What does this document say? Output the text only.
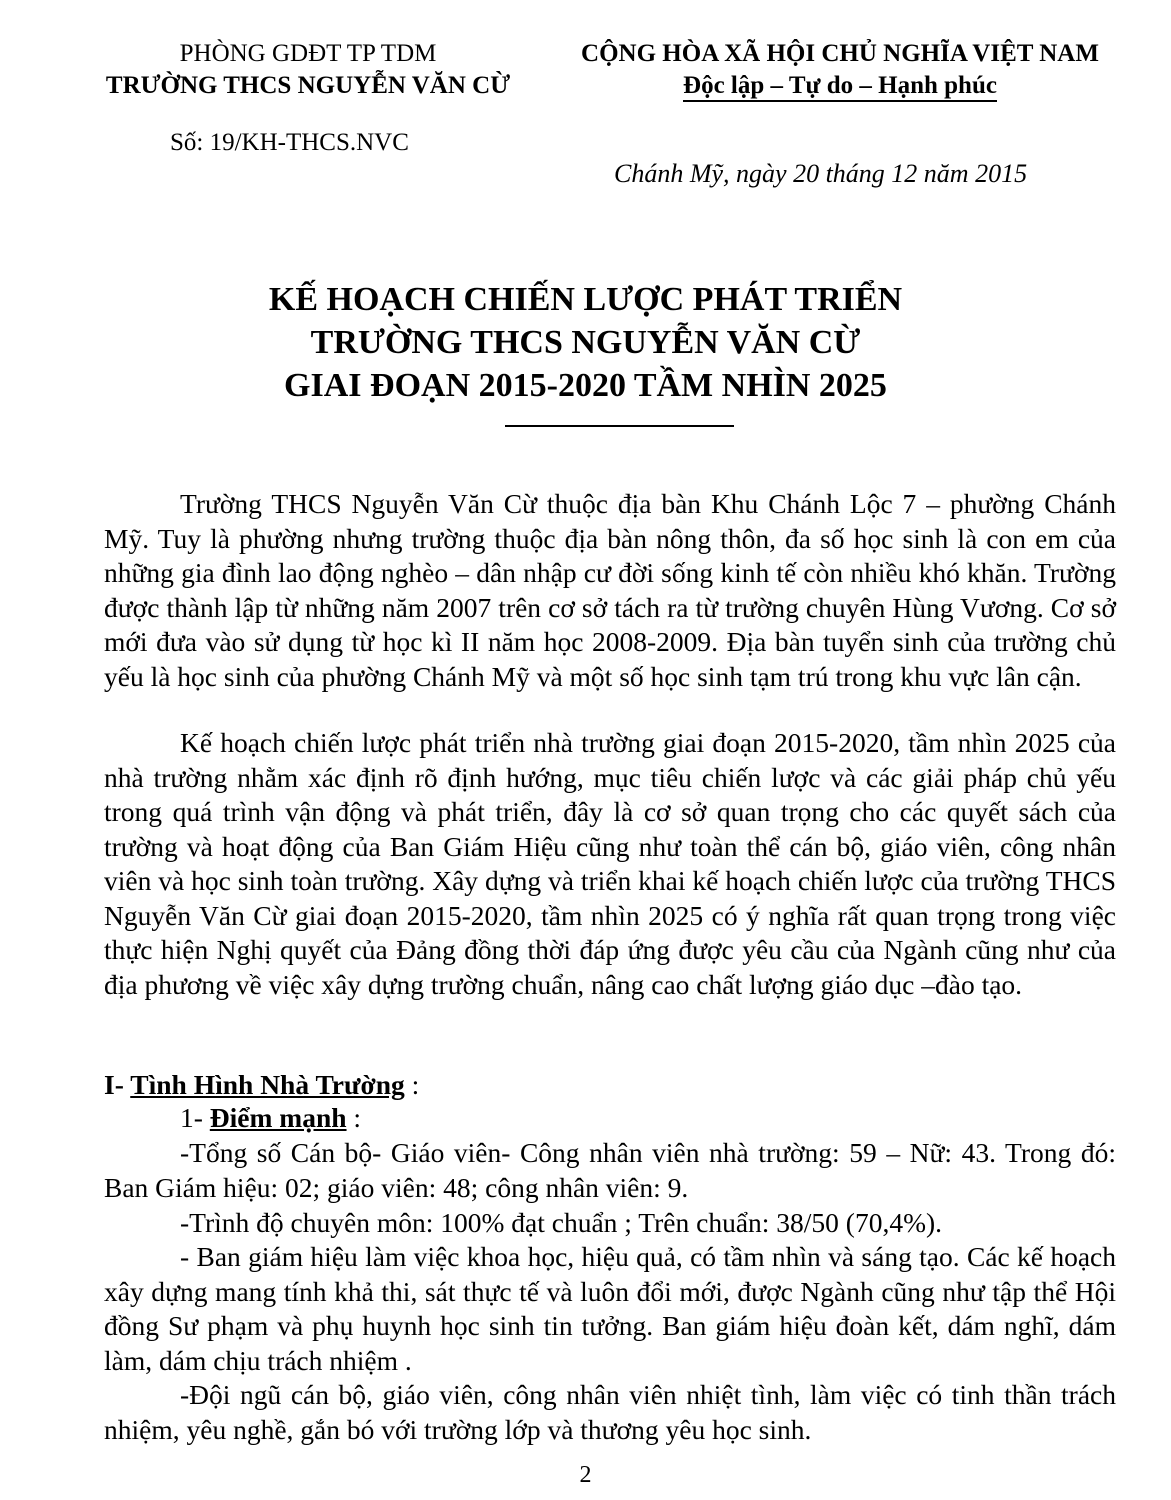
PHÒNG GDĐT TP TDM
TRƯỜNG THCS NGUYỄN VĂN CỪ
CỘNG HÒA XÃ HỘI CHỦ NGHĨA VIỆT NAM
Độc lập – Tự do – Hạnh phúc
Số: 19/KH-THCS.NVC
Chánh Mỹ, ngày 20 tháng 12 năm 2015
KẾ HOẠCH CHIẾN LƯỢC PHÁT TRIỂN
TRƯỜNG THCS NGUYỄN VĂN CỪ
GIAI ĐOẠN 2015-2020 TẦM NHÌN 2025

Trường THCS Nguyễn Văn Cừ thuộc địa bàn Khu Chánh Lộc 7 – phường Chánh Mỹ. Tuy là phường nhưng trường thuộc địa bàn nông thôn, đa số học sinh là con em của những gia đình lao động nghèo – dân nhập cư đời sống kinh tế còn nhiều khó khăn. Trường được thành lập từ những năm 2007 trên cơ sở tách ra từ trường chuyên Hùng Vương. Cơ sở mới đưa vào sử dụng từ học kì II năm học 2008-2009. Địa bàn tuyển sinh của trường chủ yếu là học sinh của phường Chánh Mỹ và một số học sinh tạm trú trong khu vực lân cận.

Kế hoạch chiến lược phát triển nhà trường giai đoạn 2015-2020, tầm nhìn 2025 của nhà trường nhằm xác định rõ định hướng, mục tiêu chiến lược và các giải pháp chủ yếu trong quá trình vận động và phát triển, đây là cơ sở quan trọng cho các quyết sách của trường và hoạt động của Ban Giám Hiệu cũng như toàn thể cán bộ, giáo viên, công nhân viên và học sinh toàn trường. Xây dựng và triển khai kế hoạch chiến lược của trường THCS Nguyễn Văn Cừ giai đoạn 2015-2020, tầm nhìn 2025 có ý nghĩa rất quan trọng trong việc thực hiện Nghị quyết của Đảng đồng thời đáp ứng được yêu cầu của Ngành cũng như của địa phương về việc xây dựng trường chuẩn, nâng cao chất lượng giáo dục –đào tạo.

I- Tình Hình Nhà Trường :
1- Điểm mạnh :

-Tổng số Cán bộ- Giáo viên- Công nhân viên nhà trường: 59 – Nữ: 43. Trong đó: Ban Giám hiệu: 02; giáo viên: 48; công nhân viên: 9.

-Trình độ chuyên môn: 100% đạt chuẩn ; Trên chuẩn: 38/50 (70,4%).

- Ban giám hiệu làm việc khoa học, hiệu quả, có tầm nhìn và sáng tạo. Các kế hoạch xây dựng mang tính khả thi, sát thực tế và luôn đổi mới, được Ngành cũng như tập thể Hội đồng Sư phạm và phụ huynh học sinh tin tưởng. Ban giám hiệu đoàn kết, dám nghĩ, dám làm, dám chịu trách nhiệm .

-Đội ngũ cán bộ, giáo viên, công nhân viên nhiệt tình, làm việc có tinh thần trách nhiệm, yêu nghề, gắn bó với trường lớp và thương yêu học sinh.

2
